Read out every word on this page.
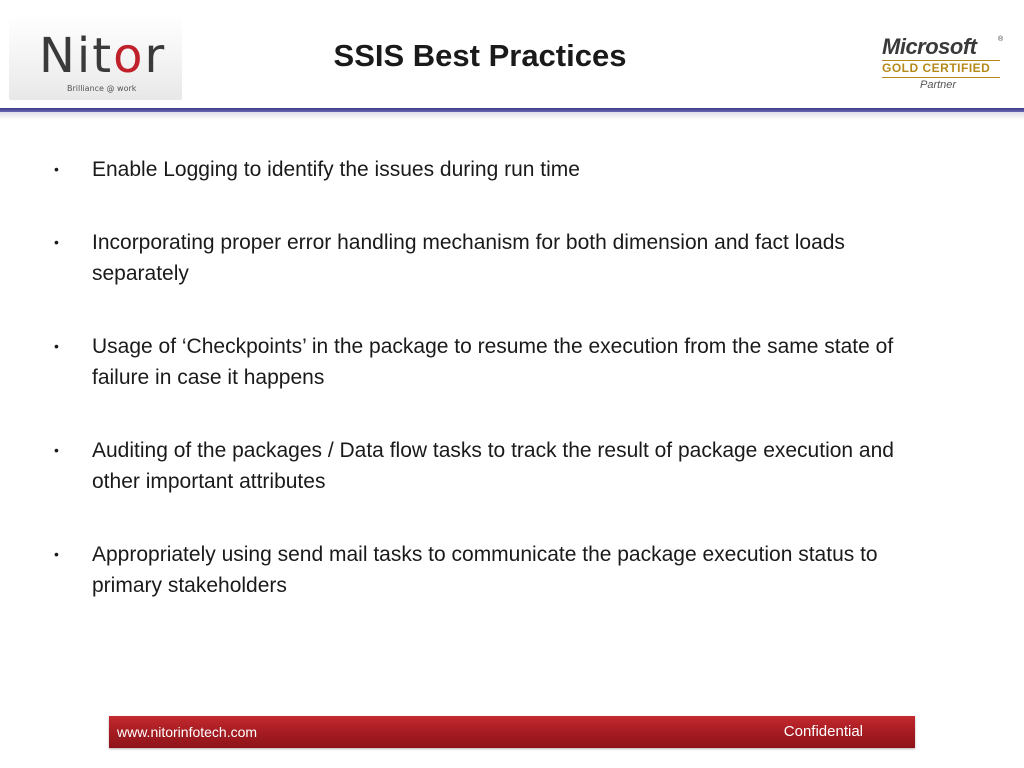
Nitor
Brilliance @ work
SSIS Best Practices	Microsoft	®
GOLD CERTIFIED
Partner
• Enable Logging to identify the issues during run time
• Incorporating proper error handling mechanism for both dimension and fact loads separately
• Usage of ‘Checkpoints’ in the package to resume the execution from the same state of failure in case it happens
• Auditing of the packages / Data flow tasks to track the result of package execution and other important attributes
• Appropriately using send mail tasks to communicate the package execution status to primary stakeholders
www.nitorinfotech.com	Confidential
